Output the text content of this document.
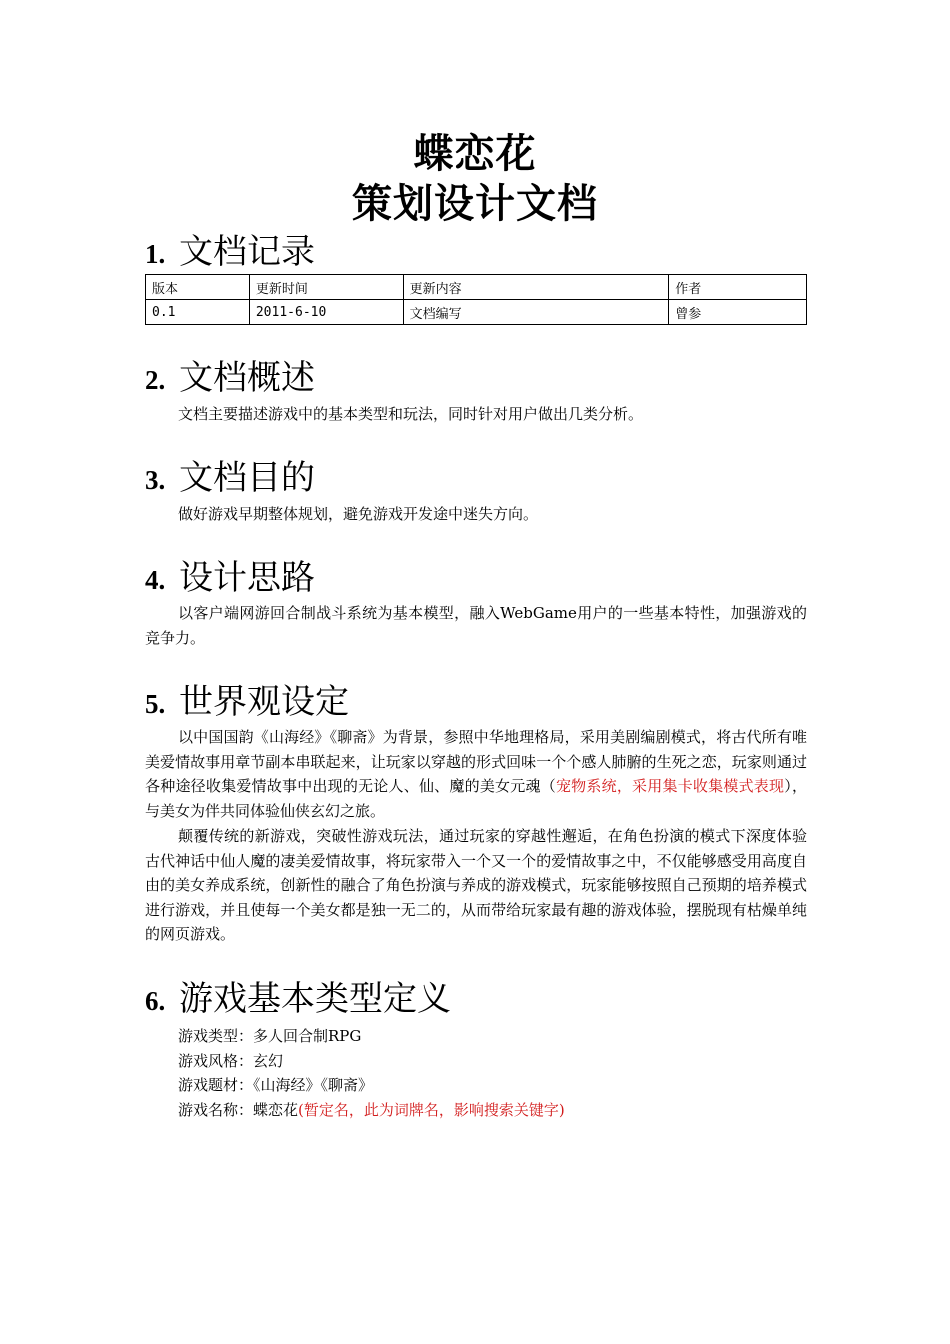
蝶恋花
策划设计文档
1. 文档记录
版本	更新时间	更新内容	作者
0.1	2011-6-10	文档编写	曾参
2. 文档概述

文档主要描述游戏中的基本类型和玩法，同时针对用户做出几类分析。

3. 文档目的

做好游戏早期整体规划，避免游戏开发途中迷失方向。

4. 设计思路

以客户端网游回合制战斗系统为基本模型，融入WebGame用户的一些基本特性，加强游戏的竞争力。

5. 世界观设定

以中国国韵《山海经》《聊斋》为背景，参照中华地理格局，采用美剧编剧模式，将古代所有唯美爱情故事用章节副本串联起来，让玩家以穿越的形式回味一个个感人肺腑的生死之恋，玩家则通过各种途径收集爱情故事中出现的无论人、仙、魔的美女元魂（宠物系统，采用集卡收集模式表现），与美女为伴共同体验仙侠玄幻之旅。

颠覆传统的新游戏，突破性游戏玩法，通过玩家的穿越性邂逅，在角色扮演的模式下深度体验古代神话中仙人魔的凄美爱情故事，将玩家带入一个又一个的爱情故事之中，不仅能够感受用高度自由的美女养成系统，创新性的融合了角色扮演与养成的游戏模式，玩家能够按照自己预期的培养模式进行游戏，并且使每一个美女都是独一无二的，从而带给玩家最有趣的游戏体验，摆脱现有枯燥单纯的网页游戏。

6. 游戏基本类型定义
游戏类型：多人回合制RPG
游戏风格：玄幻
游戏题材：《山海经》《聊斋》
游戏名称：蝶恋花(暂定名，此为词牌名，影响搜索关键字)
